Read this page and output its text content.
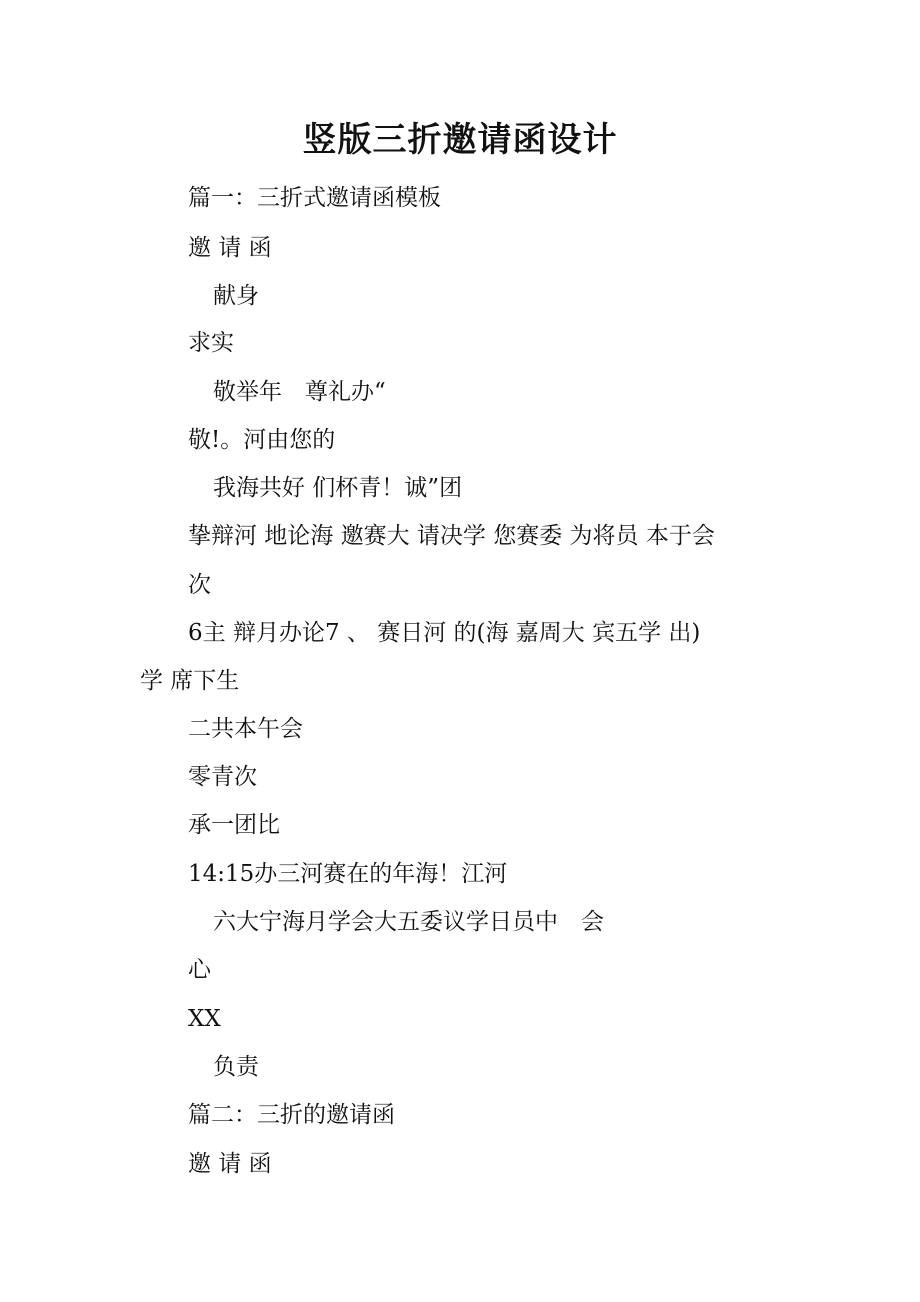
竖版三折邀请函设计

篇一：三折式邀请函模板

邀 请 函

献身

求实

敬举年　尊礼办“

敬!。河由您的

我海共好 们杯青！诚”团

挚辩河 地论海 邀赛大 请决学 您赛委 为将员 本于会

次

6主 辩月办论7 、 赛日河 的(海 嘉周大 宾五学 出)

学 席下生

二共本午会

零青次

承一团比

14:15办三河赛在的年海！江河

六大宁海月学会大五委议学日员中　会

心

XX

负责

篇二：三折的邀请函

邀 请 函
